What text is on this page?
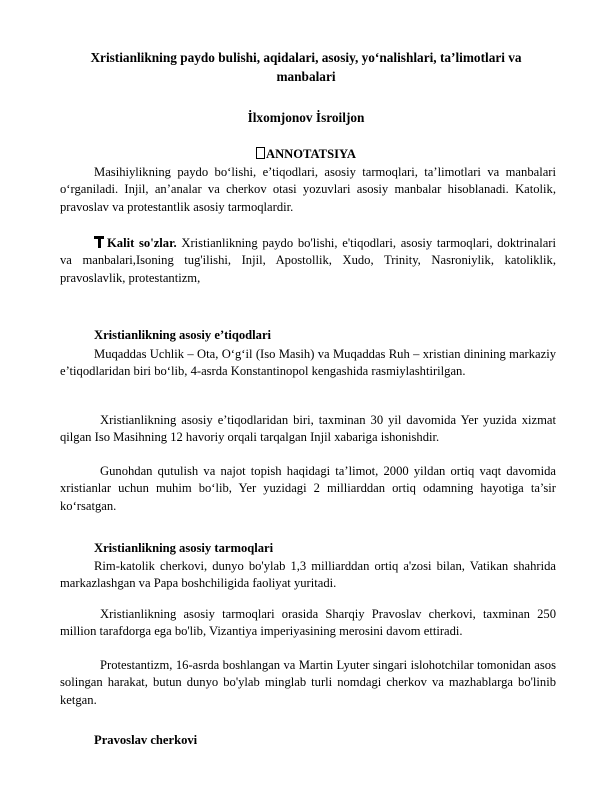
Xristianlikning paydo bulishi, aqidalari, asosiy, yo‘nalishlari, ta’limotlari va manbalari
İlxomjonov İsroiljon
ANNOTATSIYA

Masihiylikning paydo bo‘lishi, e’tiqodlari, asosiy tarmoqlari, ta’limotlari va manbalari o‘rganiladi. Injil, an’analar va cherkov otasi yozuvlari asosiy manbalar hisoblanadi. Katolik, pravoslav va protestantlik asosiy tarmoqlardir.

Kalit so'zlar. Xristianlikning paydo bo'lishi, e'tiqodlari, asosiy tarmoqlari, doktrinalari va manbalari,Isoning tug'ilishi, Injil, Apostollik, Xudo, Trinity, Nasroniylik, katoliklik, pravoslavlik, protestantizm,

Xristianlikning asosiy e’tiqodlari

Muqaddas Uchlik – Ota, O‘g‘il (Iso Masih) va Muqaddas Ruh – xristian dinining markaziy e’tiqodlaridan biri bo‘lib, 4-asrda Konstantinopol kengashida rasmiylashtirilgan.

Xristianlikning asosiy e’tiqodlaridan biri, taxminan 30 yil davomida Yer yuzida xizmat qilgan Iso Masihning 12 havoriy orqali tarqalgan Injil xabariga ishonishdir.

Gunohdan qutulish va najot topish haqidagi ta’limot, 2000 yildan ortiq vaqt davomida xristianlar uchun muhim bo‘lib, Yer yuzidagi 2 milliarddan ortiq odamning hayotiga ta’sir ko‘rsatgan.

Xristianlikning asosiy tarmoqlari

Rim-katolik cherkovi, dunyo bo'ylab 1,3 milliarddan ortiq a'zosi bilan, Vatikan shahrida markazlashgan va Papa boshchiligida faoliyat yuritadi.

Xristianlikning asosiy tarmoqlari orasida Sharqiy Pravoslav cherkovi, taxminan 250 million tarafdorga ega bo'lib, Vizantiya imperiyasining merosini davom ettiradi.

Protestantizm, 16-asrda boshlangan va Martin Lyuter singari islohotchilar tomonidan asos solingan harakat, butun dunyo bo'ylab minglab turli nomdagi cherkov va mazhablarga bo'linib ketgan.

Pravoslav cherkovi
